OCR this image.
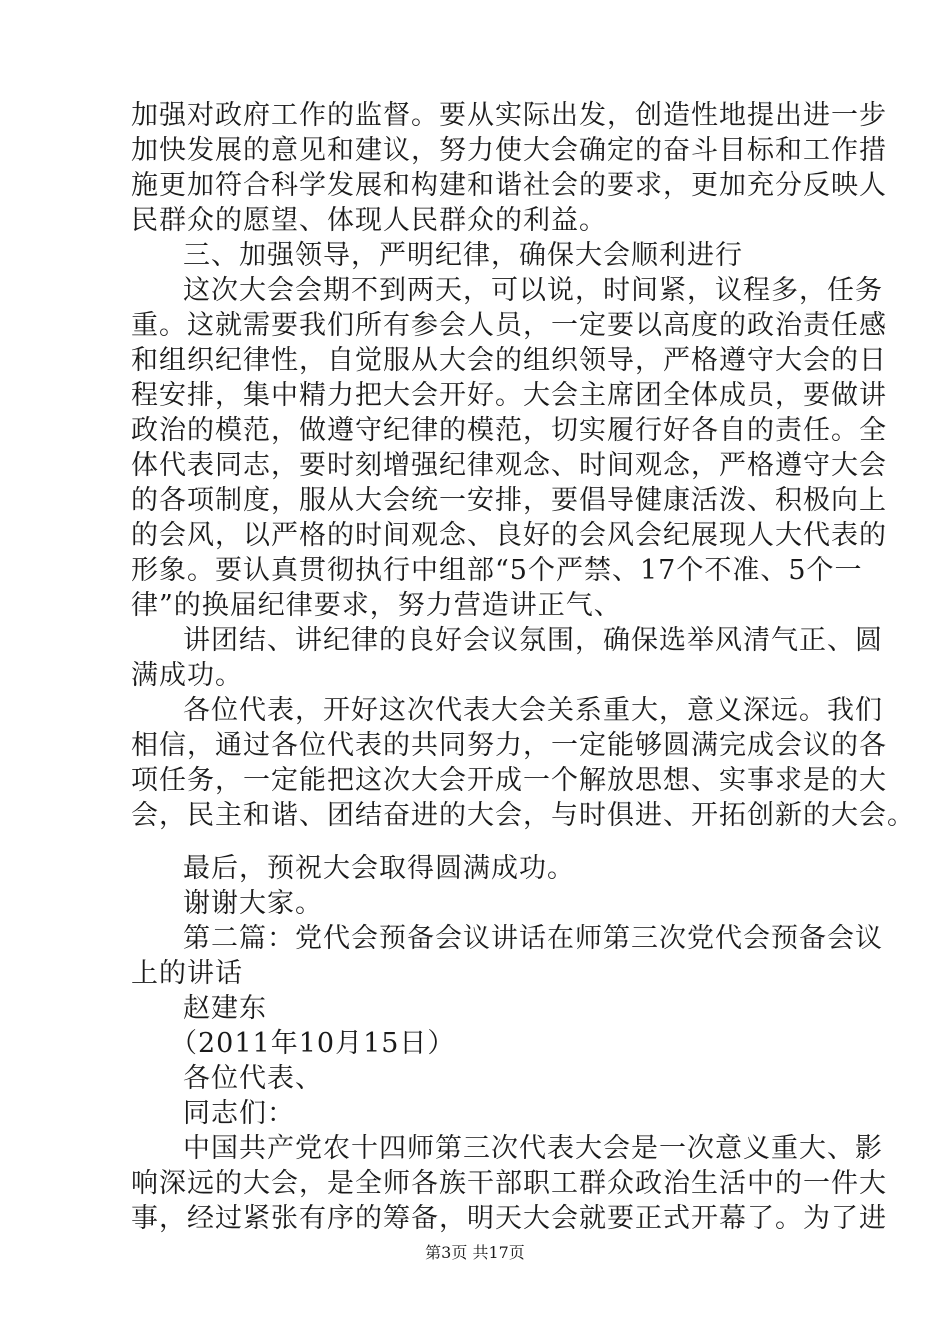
加强对政府工作的监督。要从实际出发，创造性地提出进一步
加快发展的意见和建议，努力使大会确定的奋斗目标和工作措
施更加符合科学发展和构建和谐社会的要求，更加充分反映人
民群众的愿望、体现人民群众的利益。
三、加强领导，严明纪律，确保大会顺利进行
这次大会会期不到两天，可以说，时间紧，议程多，任务
重。这就需要我们所有参会人员，一定要以高度的政治责任感
和组织纪律性，自觉服从大会的组织领导，严格遵守大会的日
程安排，集中精力把大会开好。大会主席团全体成员，要做讲
政治的模范，做遵守纪律的模范，切实履行好各自的责任。全
体代表同志，要时刻增强纪律观念、时间观念，严格遵守大会
的各项制度，服从大会统一安排，要倡导健康活泼、积极向上
的会风，以严格的时间观念、良好的会风会纪展现人大代表的
形象。要认真贯彻执行中组部“5个严禁、17个不准、5个一
律”的换届纪律要求，努力营造讲正气、
讲团结、讲纪律的良好会议氛围，确保选举风清气正、圆
满成功。
各位代表，开好这次代表大会关系重大，意义深远。我们
相信，通过各位代表的共同努力，一定能够圆满完成会议的各
项任务，一定能把这次大会开成一个解放思想、实事求是的大
会，民主和谐、团结奋进的大会，与时俱进、开拓创新的大会。
最后，预祝大会取得圆满成功。
谢谢大家。
第二篇：党代会预备会议讲话在师第三次党代会预备会议
上的讲话
赵建东
（2011年10月15日）
各位代表、
同志们：
中国共产党农十四师第三次代表大会是一次意义重大、影
响深远的大会，是全师各族干部职工群众政治生活中的一件大
事，经过紧张有序的筹备，明天大会就要正式开幕了。为了进
第3页 共17页
